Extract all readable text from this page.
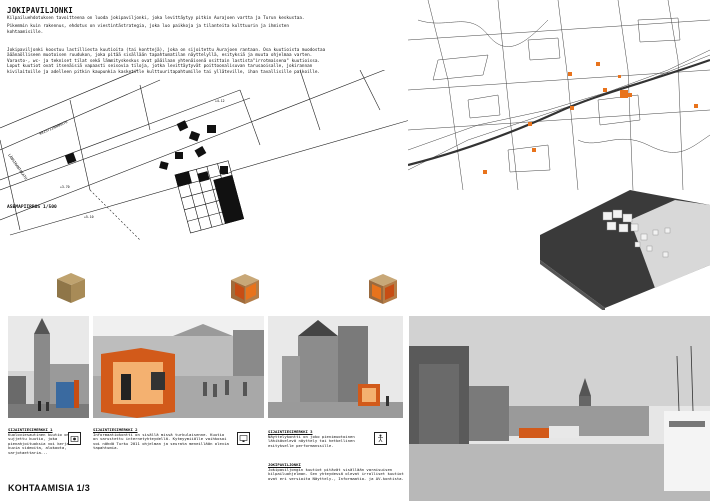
JOKIPAVILJONKI

Kilpailuehdotuksen tavoitteena on luoda jokipaviljonki, joka levittäytyy pitkin Aurajoen vartta ja Turun keskustaa.

Pikemmin kuin rakennus, ehdotus on viestintästrategia, joka luo paikkoja ja tilanteita kulttuurin ja ihmisten kohtaamisille.

Jokipaviljonki koostuu lastilliesta kuutioita (tai konttejä), joka on sijoitettu Aurajoen rantaan. Osa kuutioista muodostaa ääänaölliseen muotoisen ruudukon, joka pitää sisällään tapahtumatilan näyttelyllä, esityksiä ja muuta ohjelmaa varten. Varasto-, wc- ja tekniset tilat sekä lämmityskeskus ovat pääilaan yhtenäisenä osittain lastista"irrotmaisena" kuutioissa. Loput kuutiot ovat itsenäisiä vapaasti seisovia tiloja, jotka levittäytyvät poittoonalisuvan tarusaoisalle, jokirannan kivilaitoille ja adelleen pitkin kaupunkia kasketille kulttuuritapahtumille tai ylläteville, ihan tavallisille paikoille.

KRISTIINANKATU
LÄNSIRANTAKATU
+4.12
+3.70
+5.10
ASEMAPIIRROS 1/500
SIJAINTIESIMERKKI 1
Kuoloviesautinen kuutio on sujjettu kuutio, joka pienahjoituoksia voi kerjaehaa kuvia videoita, alokoota, varjotaettaria...
SIJAINTIESIMERKKI 2
Informaatiokontti on sisällä missä turkulaisenne. Kuutio on varustettu internetyhteydellä. Kytmyymiiälle vaihkosoi voi nähdä Turku 2011 ohjelman ja seurata meneillään olevia tapahtumia.
SIJAINTIESIMERKKI 3
Näyttelykontti on joko pienimuotoinen lähikävelevä näyttely tai hetkellinen esitykselle performanssille.
JOKIPAVILJONKI
Jokipaviljongin kuutiot pitävät sisällään varaisuisen kilpailuohjelman. Sen yhteydessä olevat irralliset kuutiot ovat eri versioita Näyttely-, Informaatio- ja AV-kontista.
KOHTAAMISIA 1/3
